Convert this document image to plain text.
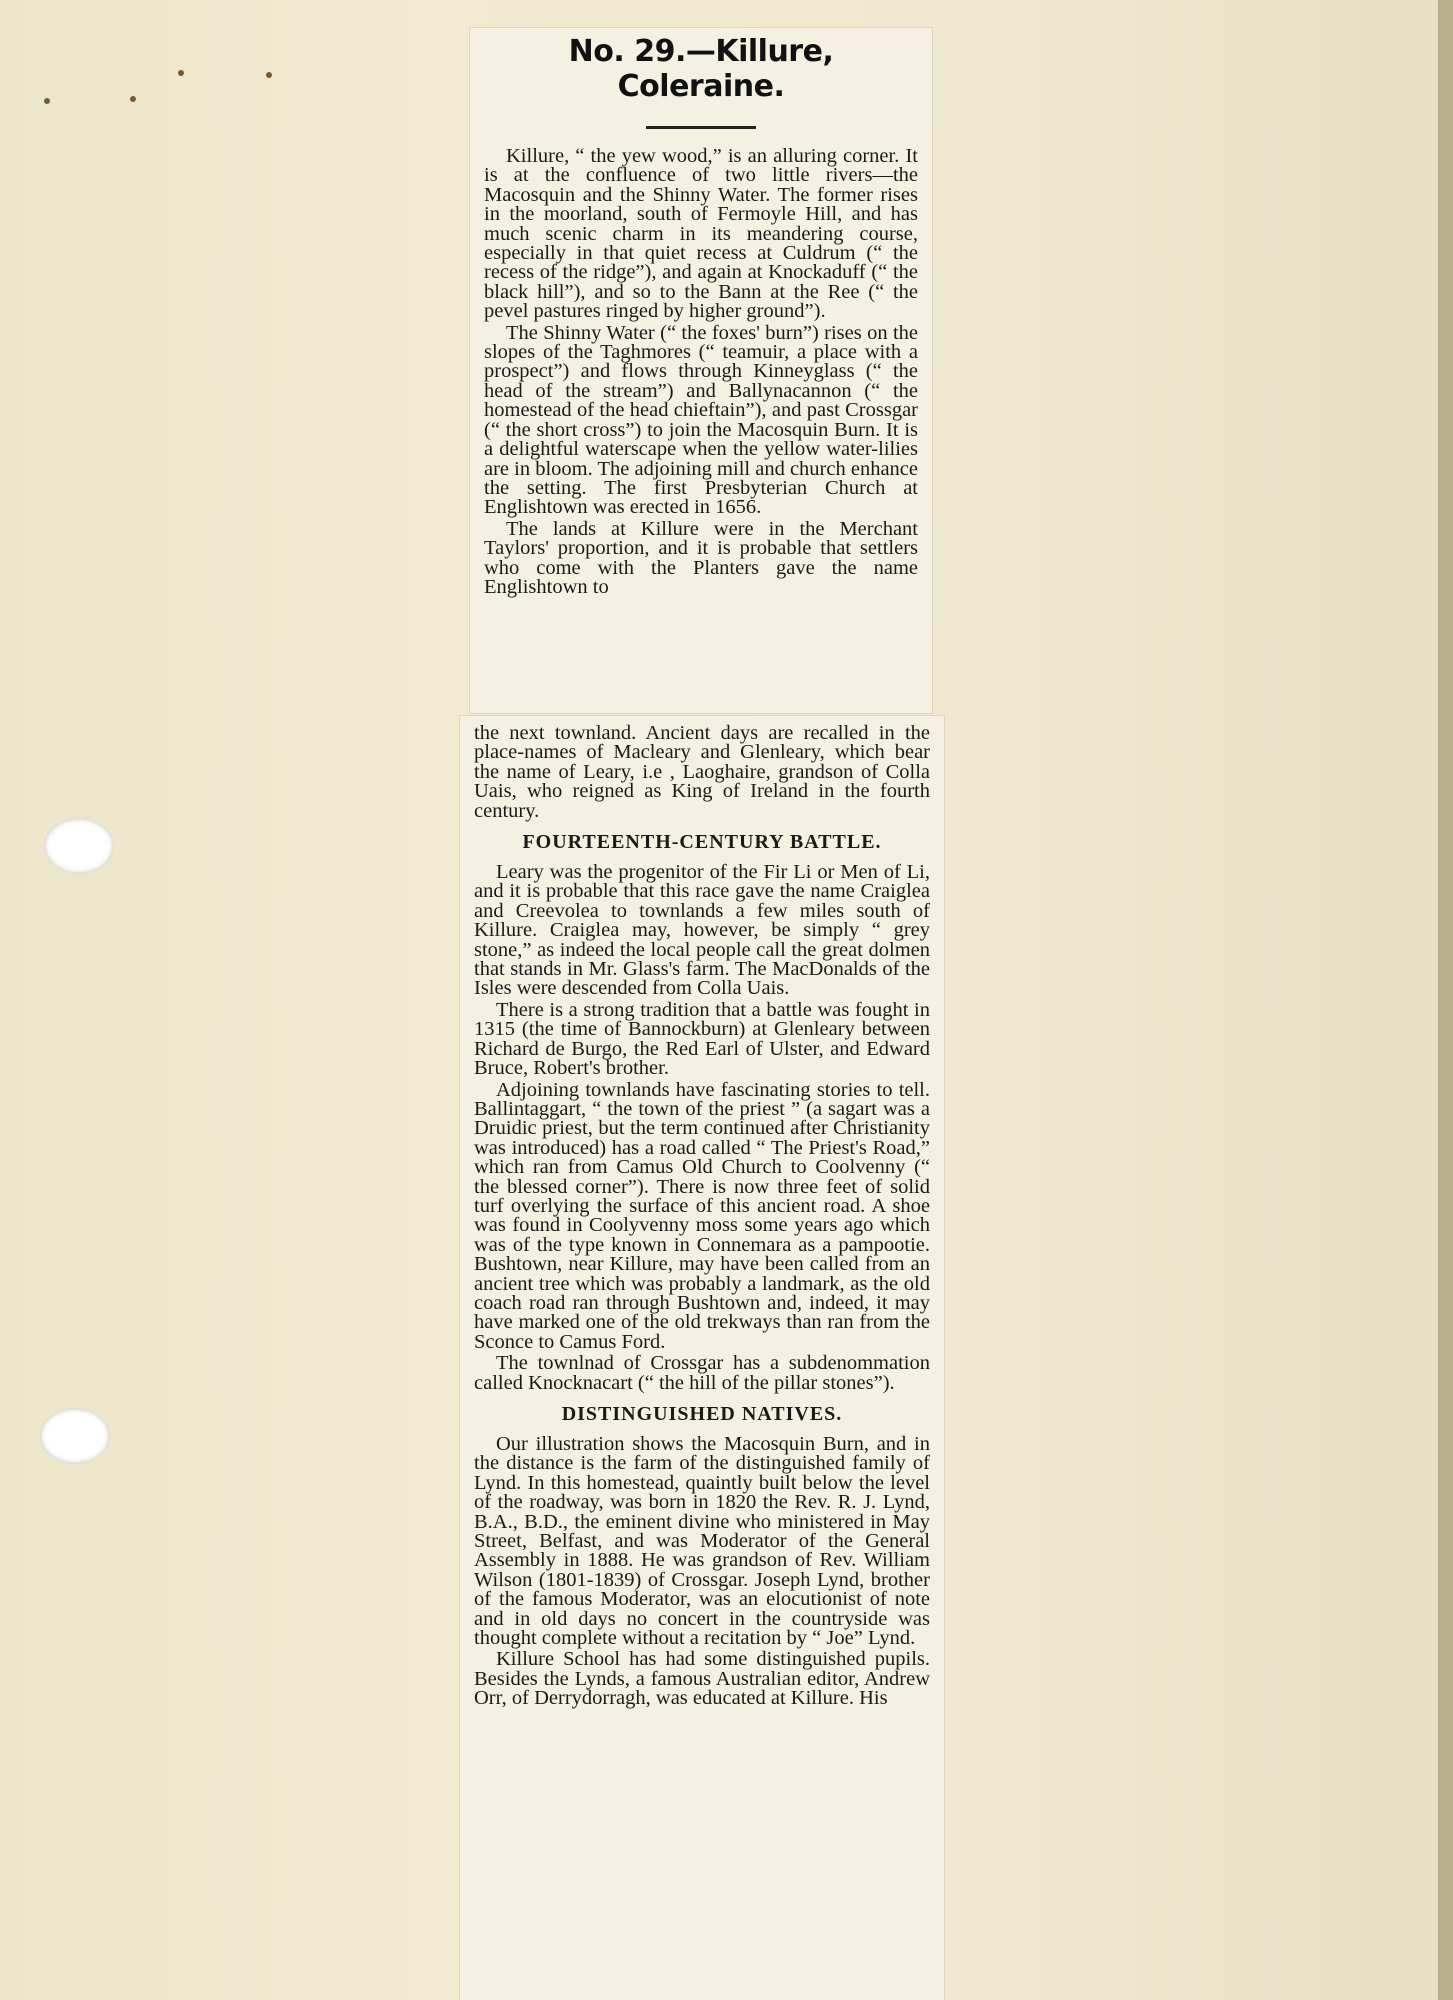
No. 29.—Killure, Coleraine.

Killure, “ the yew wood,” is an alluring corner. It is at the confluence of two little rivers—the Macosquin and the Shinny Water. The former rises in the moorland, south of Fermoyle Hill, and has much scenic charm in its meandering course, especially in that quiet recess at Culdrum (“ the recess of the ridge”), and again at Knockaduff (“ the black hill”), and so to the Bann at the Ree (“ the pevel pastures ringed by higher ground”).

The Shinny Water (“ the foxes' burn”) rises on the slopes of the Taghmores (“ teamuir, a place with a prospect”) and flows through Kinneyglass (“ the head of the stream”) and Ballynacannon (“ the homestead of the head chieftain”), and past Crossgar (“ the short cross”) to join the Macosquin Burn. It is a delightful waterscape when the yellow water-lilies are in bloom. The adjoining mill and church enhance the setting. The first Presbyterian Church at Englishtown was erected in 1656.

The lands at Killure were in the Merchant Taylors' proportion, and it is probable that settlers who come with the Planters gave the name Englishtown to

the next townland. Ancient days are recalled in the place-names of Macleary and Glenleary, which bear the name of Leary, i.e , Laoghaire, grandson of Colla Uais, who reigned as King of Ireland in the fourth century.

FOURTEENTH-CENTURY BATTLE.

Leary was the progenitor of the Fir Li or Men of Li, and it is probable that this race gave the name Craiglea and Creevolea to townlands a few miles south of Killure. Craiglea may, however, be simply “ grey stone,” as indeed the local people call the great dolmen that stands in Mr. Glass's farm. The MacDonalds of the Isles were descended from Colla Uais.

There is a strong tradition that a battle was fought in 1315 (the time of Bannockburn) at Glenleary between Richard de Burgo, the Red Earl of Ulster, and Edward Bruce, Robert's brother.

Adjoining townlands have fascinating stories to tell. Ballintaggart, “ the town of the priest ” (a sagart was a Druidic priest, but the term continued after Christianity was introduced) has a road called “ The Priest's Road,” which ran from Camus Old Church to Coolvenny (“ the blessed corner”). There is now three feet of solid turf overlying the surface of this ancient road. A shoe was found in Coolyvenny moss some years ago which was of the type known in Connemara as a pampootie. Bushtown, near Killure, may have been called from an ancient tree which was probably a landmark, as the old coach road ran through Bushtown and, indeed, it may have marked one of the old trekways than ran from the Sconce to Camus Ford.

The townlnad of Crossgar has a subdenommation called Knocknacart (“ the hill of the pillar stones”).

DISTINGUISHED NATIVES.

Our illustration shows the Macosquin Burn, and in the distance is the farm of the distinguished family of Lynd. In this homestead, quaintly built below the level of the roadway, was born in 1820 the Rev. R. J. Lynd, B.A., B.D., the eminent divine who ministered in May Street, Belfast, and was Moderator of the General Assembly in 1888. He was grandson of Rev. William Wilson (1801-1839) of Crossgar. Joseph Lynd, brother of the famous Moderator, was an elocutionist of note and in old days no concert in the countryside was thought complete without a recitation by “ Joe” Lynd.

Killure School has had some distinguished pupils. Besides the Lynds, a famous Australian editor, Andrew Orr, of Derrydorragh, was educated at Killure. His
